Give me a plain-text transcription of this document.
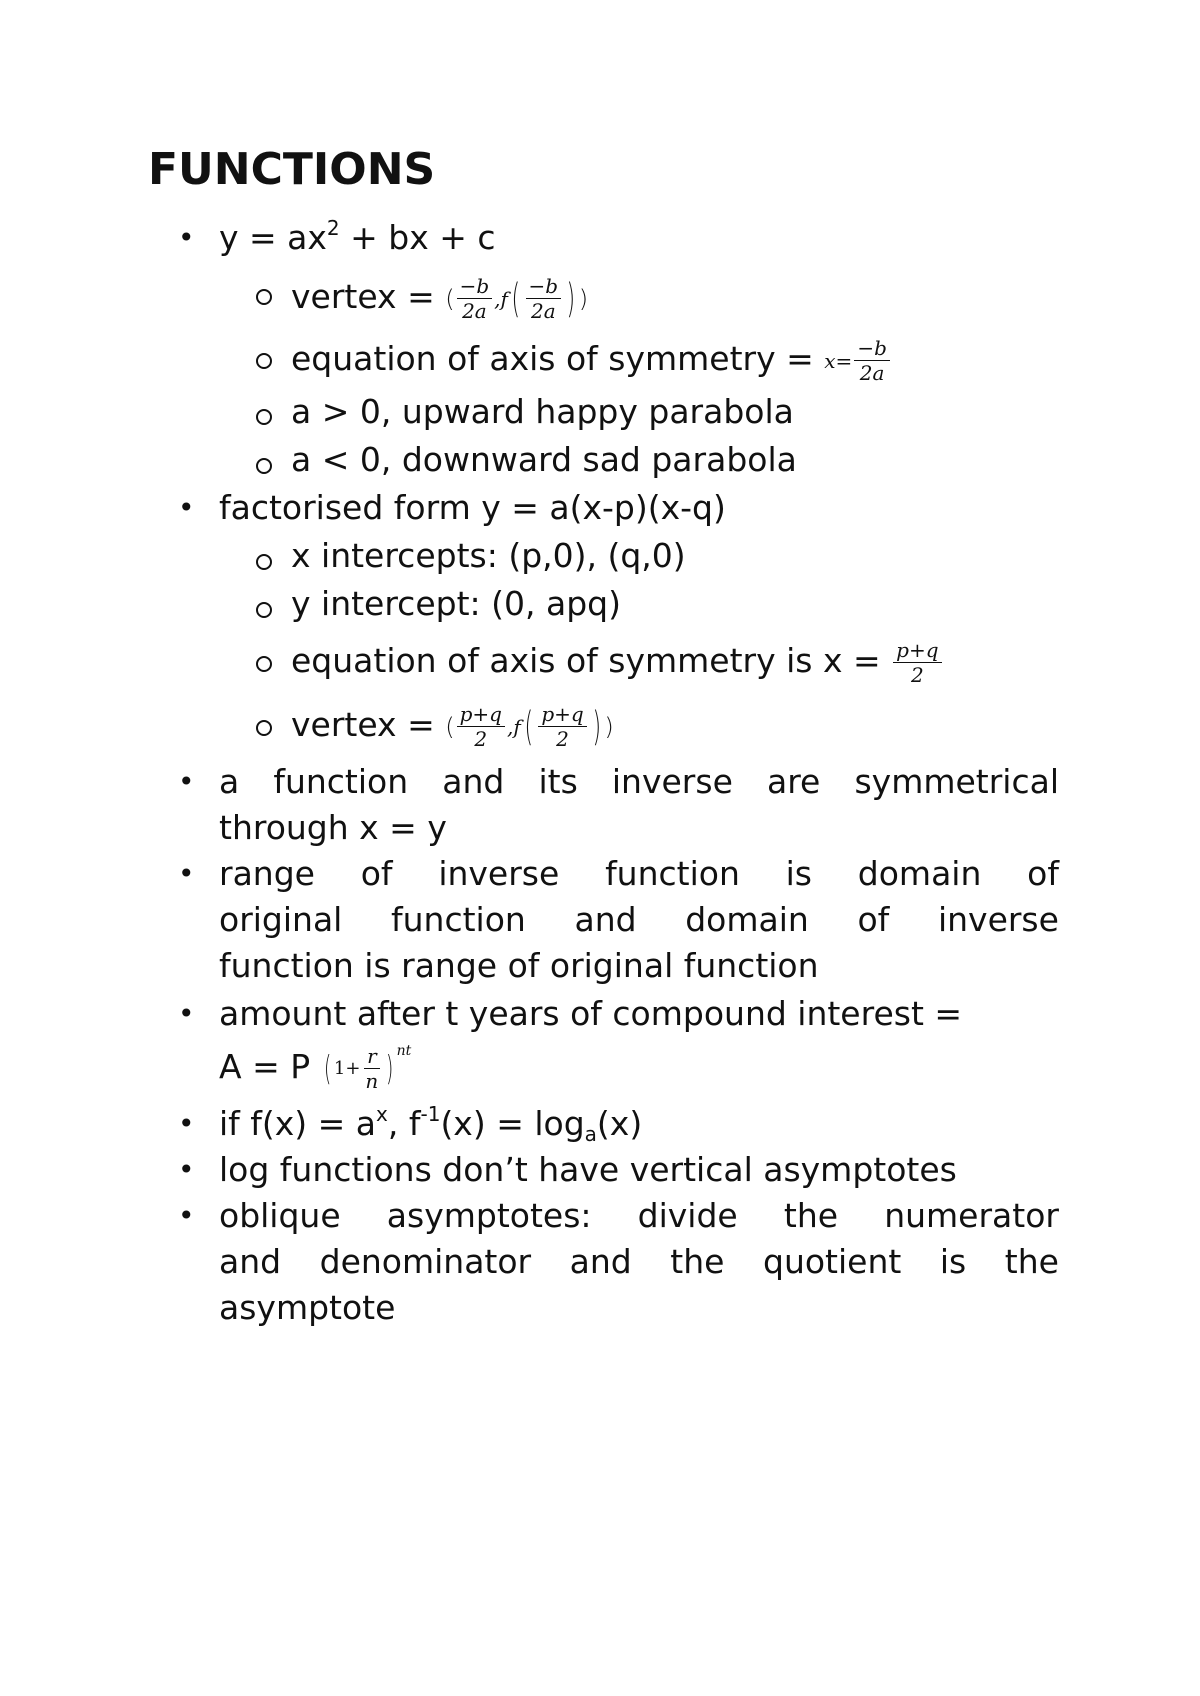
FUNCTIONS
• $y = ax^2$ + bx + c

vertex = ( $\frac{-b}{2a}$ , f ( $\frac{-b}{2a}$ ) )

equation of axis of symmetry = $x= \frac{-b}{2a}$

a > 0, upward happy parabola

a < 0, downward sad parabola

• factorised form y = a(x-p)(x-q)

x intercepts: (p,0), (q,0)

y intercept: (0, apq)

equation of axis of symmetry is $x = \frac{p+q}{2}$

vertex = ( $\frac{p+q}{2}$ , f ( $\frac{p+q}{2}$ ) )

• a function and its inverse are symmetrical

through x = y

• range of inverse function is domain of
original function and domain of inverse

function is range of original function

• amount after t years of compound interest =

A = P ( $1+ \frac{r}{n}$ ) nt

• if $f(x) = a^x$, $f^{-1}(x) = \log_a(x)$

• log functions don’t have vertical asymptotes

• oblique asymptotes: divide the numerator
and denominator and the quotient is the

asymptote
